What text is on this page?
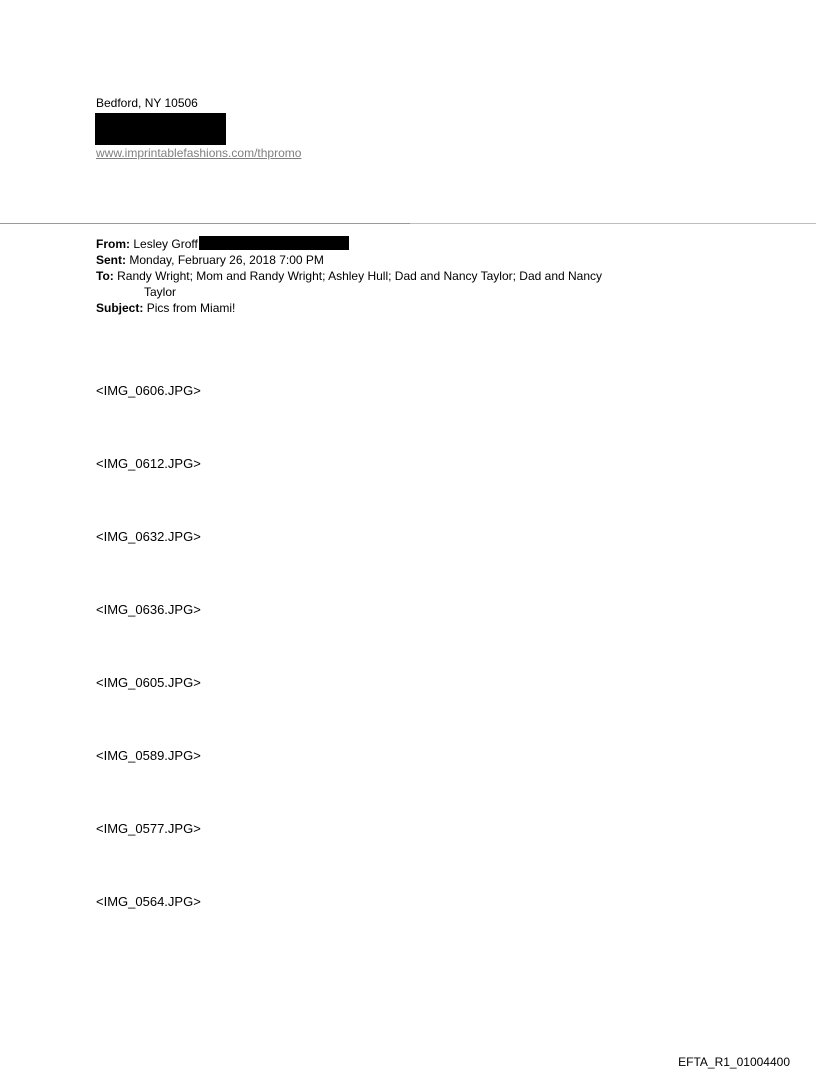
Bedford, NY 10506
www.imprintablefashions.com/thpromo
From: Lesley Groff
Sent: Monday, February 26, 2018 7:00 PM
To: Randy Wright; Mom and Randy Wright; Ashley Hull; Dad and Nancy Taylor; Dad and Nancy
Taylor
Subject: Pics from Miami!
<IMG_0606.JPG>
<IMG_0612.JPG>
<IMG_0632.JPG>
<IMG_0636.JPG>
<IMG_0605.JPG>
<IMG_0589.JPG>
<IMG_0577.JPG>
<IMG_0564.JPG>
EFTA_R1_01004400
